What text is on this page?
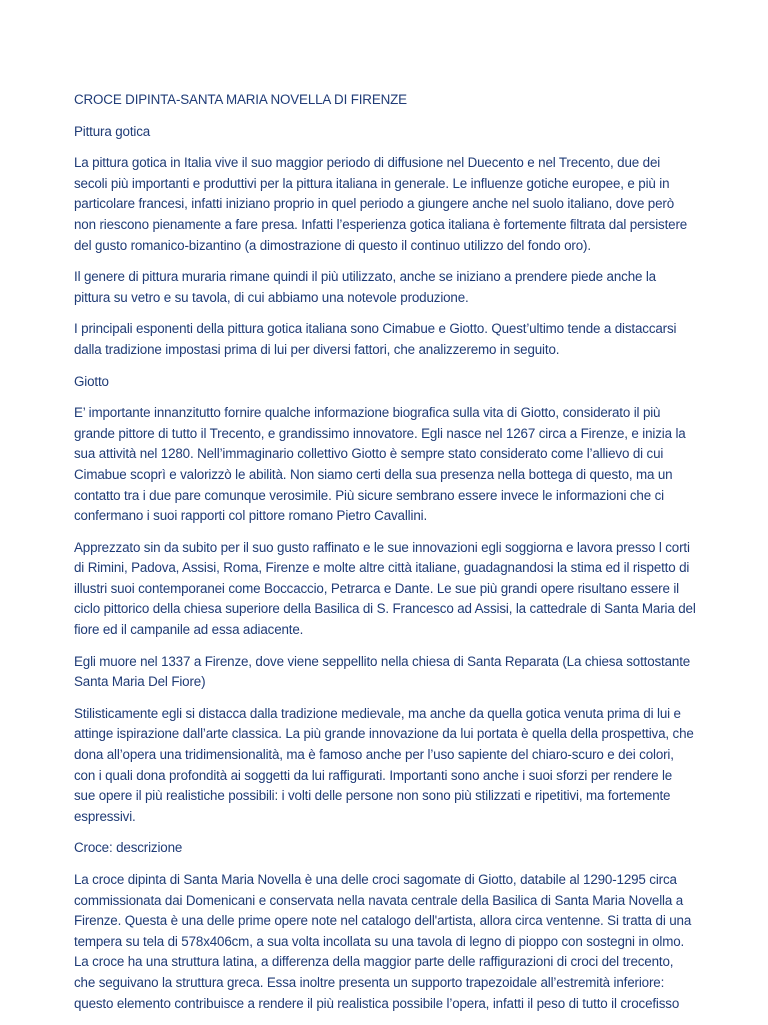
CROCE DIPINTA-SANTA MARIA NOVELLA DI FIRENZE
Pittura gotica
La pittura gotica in Italia vive il suo maggior periodo di diffusione nel Duecento e nel Trecento, due dei
secoli più importanti e produttivi per la pittura italiana in generale. Le influenze gotiche europee, e più in
particolare francesi, infatti iniziano proprio in quel periodo a giungere anche nel suolo italiano, dove però
non riescono pienamente a fare presa. Infatti l’esperienza gotica italiana è fortemente filtrata dal persistere
del gusto romanico-bizantino (a dimostrazione di questo il continuo utilizzo del fondo oro).
Il genere di pittura muraria rimane quindi il più utilizzato, anche se iniziano a prendere piede anche la
pittura su vetro e su tavola, di cui abbiamo una notevole produzione.
I principali esponenti della pittura gotica italiana sono Cimabue e Giotto. Quest’ultimo tende a distaccarsi
dalla tradizione impostasi prima di lui per diversi fattori, che analizzeremo in seguito.
Giotto
E’ importante innanzitutto fornire qualche informazione biografica sulla vita di Giotto, considerato il più
grande pittore di tutto il Trecento, e grandissimo innovatore. Egli nasce nel 1267 circa a Firenze, e inizia la
sua attività nel 1280. Nell’immaginario collettivo Giotto è sempre stato considerato come l’allievo di cui
Cimabue scoprì e valorizzò le abilità. Non siamo certi della sua presenza nella bottega di questo, ma un
contatto tra i due pare comunque verosimile. Più sicure sembrano essere invece le informazioni che ci
confermano i suoi rapporti col pittore romano Pietro Cavallini.
Apprezzato sin da subito per il suo gusto raffinato e le sue innovazioni egli soggiorna e lavora presso l corti
di Rimini, Padova, Assisi, Roma, Firenze e molte altre città italiane, guadagnandosi la stima ed il rispetto di
illustri suoi contemporanei come Boccaccio, Petrarca e Dante. Le sue più grandi opere risultano essere il
ciclo pittorico della chiesa superiore della Basilica di S. Francesco ad Assisi, la cattedrale di Santa Maria del
fiore ed il campanile ad essa adiacente.
Egli muore nel 1337 a Firenze, dove viene seppellito nella chiesa di Santa Reparata (La chiesa sottostante
Santa Maria Del Fiore)
Stilisticamente egli si distacca dalla tradizione medievale, ma anche da quella gotica venuta prima di lui e
attinge ispirazione dall’arte classica. La più grande innovazione da lui portata è quella della prospettiva, che
dona all’opera una tridimensionalità, ma è famoso anche per l’uso sapiente del chiaro-scuro e dei colori,
con i quali dona profondità ai soggetti da lui raffigurati. Importanti sono anche i suoi sforzi per rendere le
sue opere il più realistiche possibili: i volti delle persone non sono più stilizzati e ripetitivi, ma fortemente
espressivi.
Croce: descrizione
La croce dipinta di Santa Maria Novella è una delle croci sagomate di Giotto, databile al 1290-1295 circa
commissionata dai Domenicani e conservata nella navata centrale della Basilica di Santa Maria Novella a
Firenze. Questa è una delle prime opere note nel catalogo dell'artista, allora circa ventenne. Si tratta di una
tempera su tela di 578x406cm, a sua volta incollata su una tavola di legno di pioppo con sostegni in olmo.
La croce ha una struttura latina, a differenza della maggior parte delle raffigurazioni di croci del trecento,
che seguivano la struttura greca. Essa inoltre presenta un supporto trapezoidale all’estremità inferiore:
questo elemento contribuisce a rendere il più realistica possibile l’opera, infatti il peso di tutto il crocefisso
